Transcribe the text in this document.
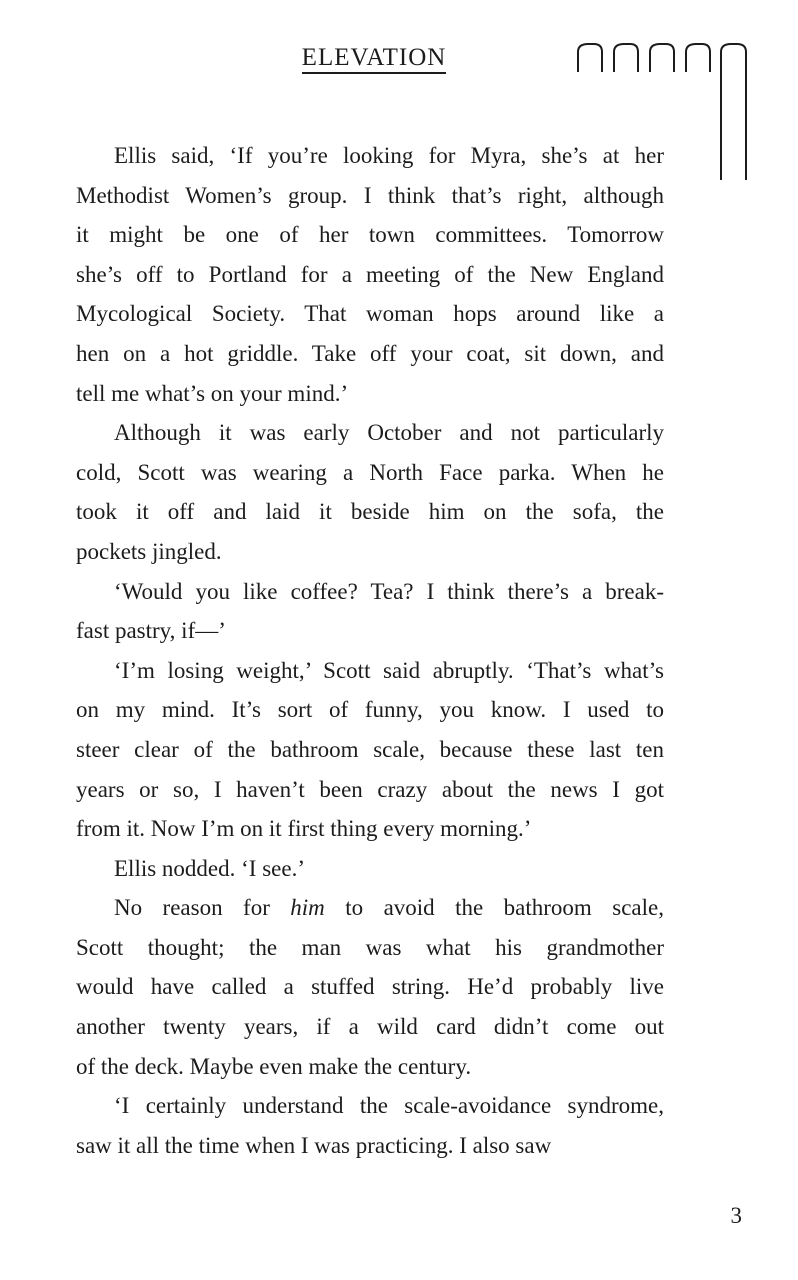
ELEVATION
Ellis said, ‘If you’re looking for Myra, she’s at her
Methodist Women’s group. I think that’s right, although
it might be one of her town committees. Tomorrow
she’s off to Portland for a meeting of the New England
Mycological Society. That woman hops around like a
hen on a hot griddle. Take off your coat, sit down, and
tell me what’s on your mind.’
Although it was early October and not particularly
cold, Scott was wearing a North Face parka. When he
took it off and laid it beside him on the sofa, the
pockets jingled.
‘Would you like coffee? Tea? I think there’s a break-
fast pastry, if—’
‘I’m losing weight,’ Scott said abruptly. ‘That’s what’s
on my mind. It’s sort of funny, you know. I used to
steer clear of the bathroom scale, because these last ten
years or so, I haven’t been crazy about the news I got
from it. Now I’m on it first thing every morning.’
Ellis nodded. ‘I see.’
No reason for him to avoid the bathroom scale,
Scott thought; the man was what his grandmother
would have called a stuffed string. He’d probably live
another twenty years, if a wild card didn’t come out
of the deck. Maybe even make the century.
‘I certainly understand the scale-avoidance syndrome,
saw it all the time when I was practicing. I also saw
3
